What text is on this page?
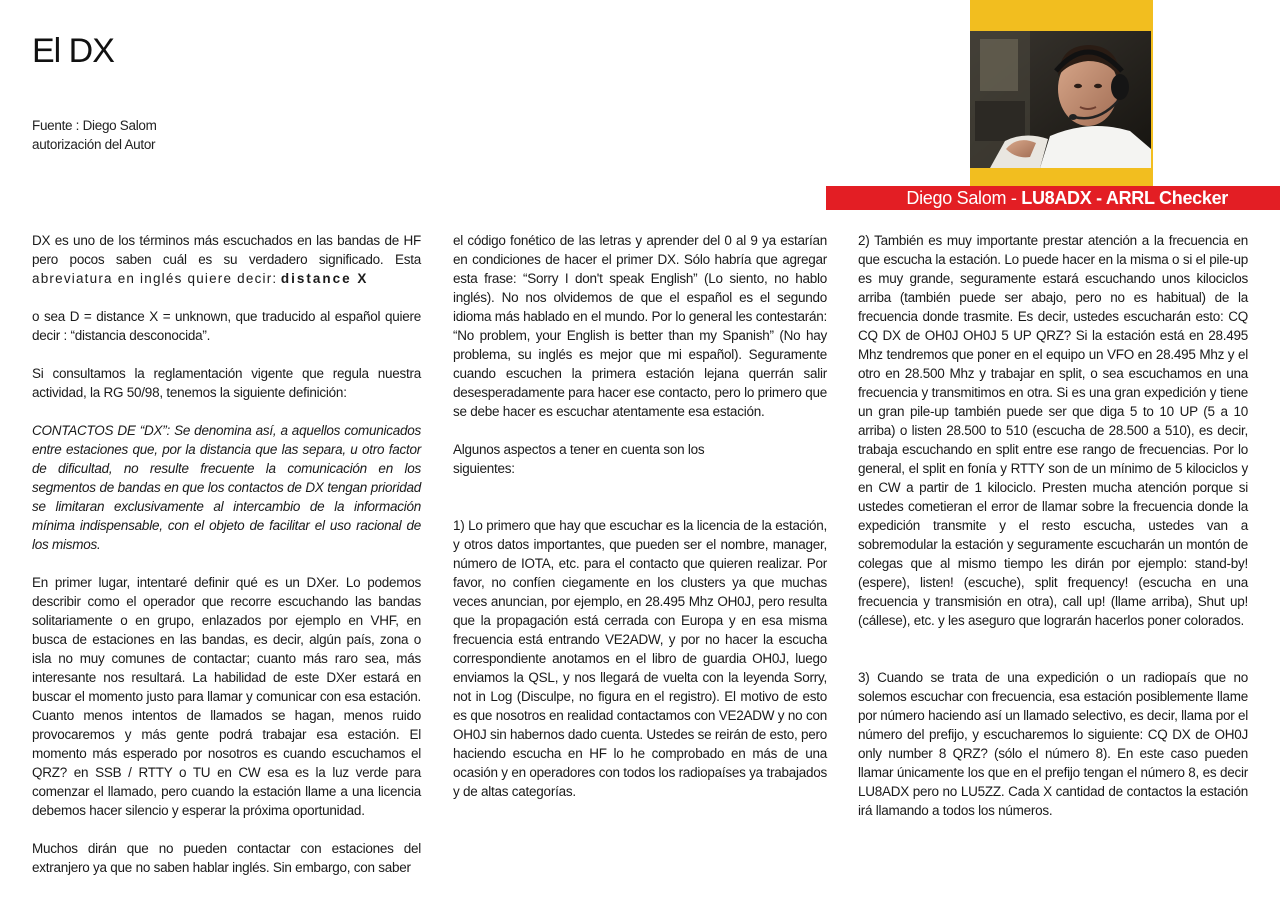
El DX
Fuente : Diego Salom
autorización del Autor
Diego Salom - LU8ADX - ARRL Checker

DX es uno de los términos más escuchados en las bandas de HF pero pocos saben cuál es su verdadero significado. Esta abreviatura en inglés quiere decir: distance X

o sea D = distance X = unknown, que traducido al español quiere decir : “distancia desconocida”.

Si consultamos la reglamentación vigente que regula nuestra actividad, la RG 50/98, tenemos la siguiente definición:

CONTACTOS DE “DX”: Se denomina así, a aquellos comunicados entre estaciones que, por la distancia que las separa, u otro factor de dificultad, no resulte frecuente la comunicación en los segmentos de bandas en que los contactos de DX tengan prioridad se limitaran exclusivamente al intercambio de la información mínima indispensable, con el objeto de facilitar el uso racional de los mismos.

En primer lugar, intentaré definir qué es un DXer. Lo podemos describir como el operador que recorre escuchando las bandas solitariamente o en grupo, enlazados por ejemplo en VHF, en busca de estaciones en las bandas, es decir, algún país, zona o isla no muy comunes de contactar; cuanto más raro sea, más interesante nos resultará. La habilidad de este DXer estará en buscar el momento justo para llamar y comunicar con esa estación. Cuanto menos intentos de llamados se hagan, menos ruido provocaremos y más gente podrá trabajar esa estación. El momento más esperado por nosotros es cuando escuchamos el QRZ? en SSB / RTTY o TU en CW esa es la luz verde para comenzar el llamado, pero cuando la estación llame a una licencia debemos hacer silencio y esperar la próxima oportunidad.

Muchos dirán que no pueden contactar con estaciones del extranjero ya que no saben hablar inglés. Sin embargo, con saber

el código fonético de las letras y aprender del 0 al 9 ya estarían en condiciones de hacer el primer DX. Sólo habría que agregar esta frase: “Sorry I don't speak English” (Lo siento, no hablo inglés). No nos olvidemos de que el español es el segundo idioma más hablado en el mundo. Por lo general les contestarán: “No problem, your English is better than my Spanish” (No hay problema, su inglés es mejor que mi español). Seguramente cuando escuchen la primera estación lejana querrán salir desesperadamente para hacer ese contacto, pero lo primero que se debe hacer es escuchar atentamente esa estación.

Algunos aspectos a tener en cuenta son los
siguientes:

1) Lo primero que hay que escuchar es la licencia de la estación, y otros datos importantes, que pueden ser el nombre, manager, número de IOTA, etc. para el contacto que quieren realizar. Por favor, no confíen ciegamente en los clusters ya que muchas veces anuncian, por ejemplo, en 28.495 Mhz OH0J, pero resulta que la propagación está cerrada con Europa y en esa misma frecuencia está entrando VE2ADW, y por no hacer la escucha correspondiente anotamos en el libro de guardia OH0J, luego enviamos la QSL, y nos llegará de vuelta con la leyenda Sorry, not in Log (Disculpe, no figura en el registro). El motivo de esto es que nosotros en realidad contactamos con VE2ADW y no con OH0J sin habernos dado cuenta. Ustedes se reirán de esto, pero haciendo escucha en HF lo he comprobado en más de una ocasión y en operadores con todos los radiopaíses ya trabajados y de altas categorías.

2) También es muy importante prestar atención a la frecuencia en que escucha la estación. Lo puede hacer en la misma o si el pile-up es muy grande, seguramente estará escuchando unos kilociclos arriba (también puede ser abajo, pero no es habitual) de la frecuencia donde trasmite. Es decir, ustedes escucharán esto: CQ CQ DX de OH0J OH0J 5 UP QRZ? Si la estación está en 28.495 Mhz tendremos que poner en el equipo un VFO en 28.495 Mhz y el otro en 28.500 Mhz y trabajar en split, o sea escuchamos en una frecuencia y transmitimos en otra. Si es una gran expedición y tiene un gran pile-up también puede ser que diga 5 to 10 UP (5 a 10 arriba) o listen 28.500 to 510 (escucha de 28.500 a 510), es decir, trabaja escuchando en split entre ese rango de frecuencias. Por lo general, el split en fonía y RTTY son de un mínimo de 5 kilociclos y en CW a partir de 1 kilociclo. Presten mucha atención porque si ustedes cometieran el error de llamar sobre la frecuencia donde la expedición transmite y el resto escucha, ustedes van a sobremodular la estación y seguramente escucharán un montón de colegas que al mismo tiempo les dirán por ejemplo: stand-by! (espere), listen! (escuche), split frequency! (escucha en una frecuencia y transmisión en otra), call up! (llame arriba), Shut up! (cállese), etc. y les aseguro que lograrán hacerlos poner colorados.

3) Cuando se trata de una expedición o un radiopaís que no solemos escuchar con frecuencia, esa estación posiblemente llame por número haciendo así un llamado selectivo, es decir, llama por el número del prefijo, y escucharemos lo siguiente: CQ DX de OH0J only number 8 QRZ? (sólo el número 8). En este caso pueden llamar únicamente los que en el prefijo tengan el número 8, es decir LU8ADX pero no LU5ZZ. Cada X cantidad de contactos la estación irá llamando a todos los números.
